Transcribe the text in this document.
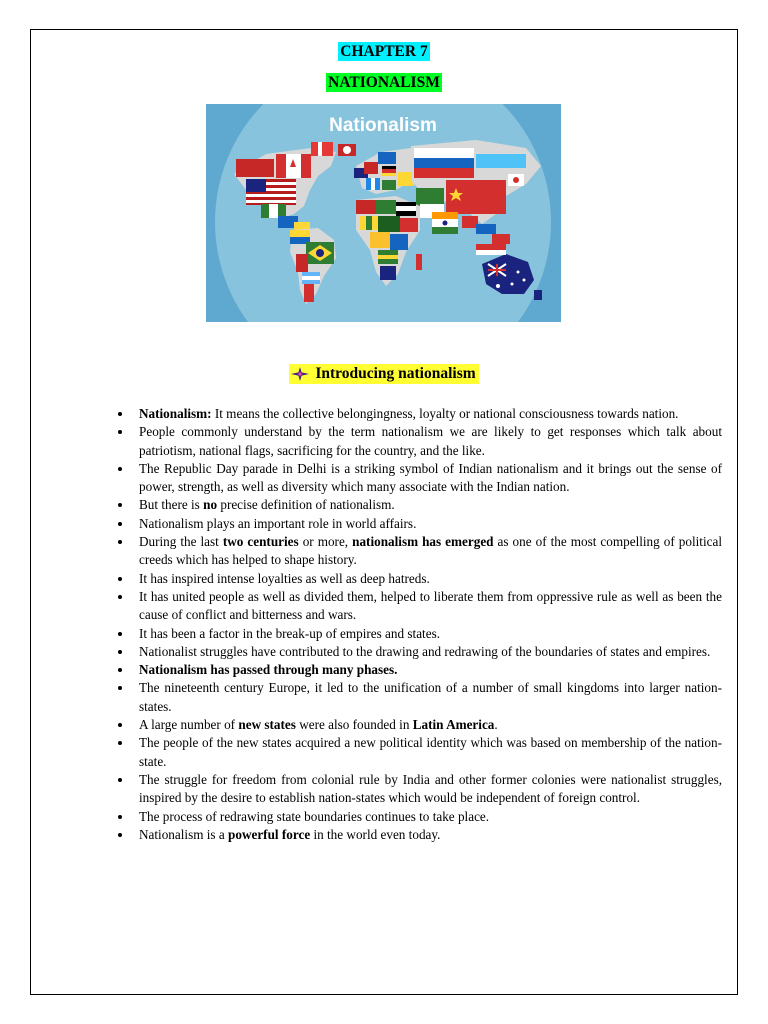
CHAPTER 7
NATIONALISM
Nationalism
Introducing nationalism
Nationalism: It means the collective belongingness, loyalty or national consciousness towards nation.
People commonly understand by the term nationalism we are likely to get responses which talk about patriotism, national flags, sacrificing for the country, and the like.
The Republic Day parade in Delhi is a striking symbol of Indian nationalism and it brings out the sense of power, strength, as well as diversity which many associate with the Indian nation.
But there is no precise definition of nationalism.
Nationalism plays an important role in world affairs.
During the last two centuries or more, nationalism has emerged as one of the most compelling of political creeds which has helped to shape history.
It has inspired intense loyalties as well as deep hatreds.
It has united people as well as divided them, helped to liberate them from oppressive rule as well as been the cause of conflict and bitterness and wars.
It has been a factor in the break-up of empires and states.
Nationalist struggles have contributed to the drawing and redrawing of the boundaries of states and empires.
Nationalism has passed through many phases.
The nineteenth century Europe, it led to the unification of a number of small kingdoms into larger nation-states.
A large number of new states were also founded in Latin America.
The people of the new states acquired a new political identity which was based on membership of the nation-state.
The struggle for freedom from colonial rule by India and other former colonies were nationalist struggles, inspired by the desire to establish nation-states which would be independent of foreign control.
The process of redrawing state boundaries continues to take place.
Nationalism is a powerful force in the world even today.
